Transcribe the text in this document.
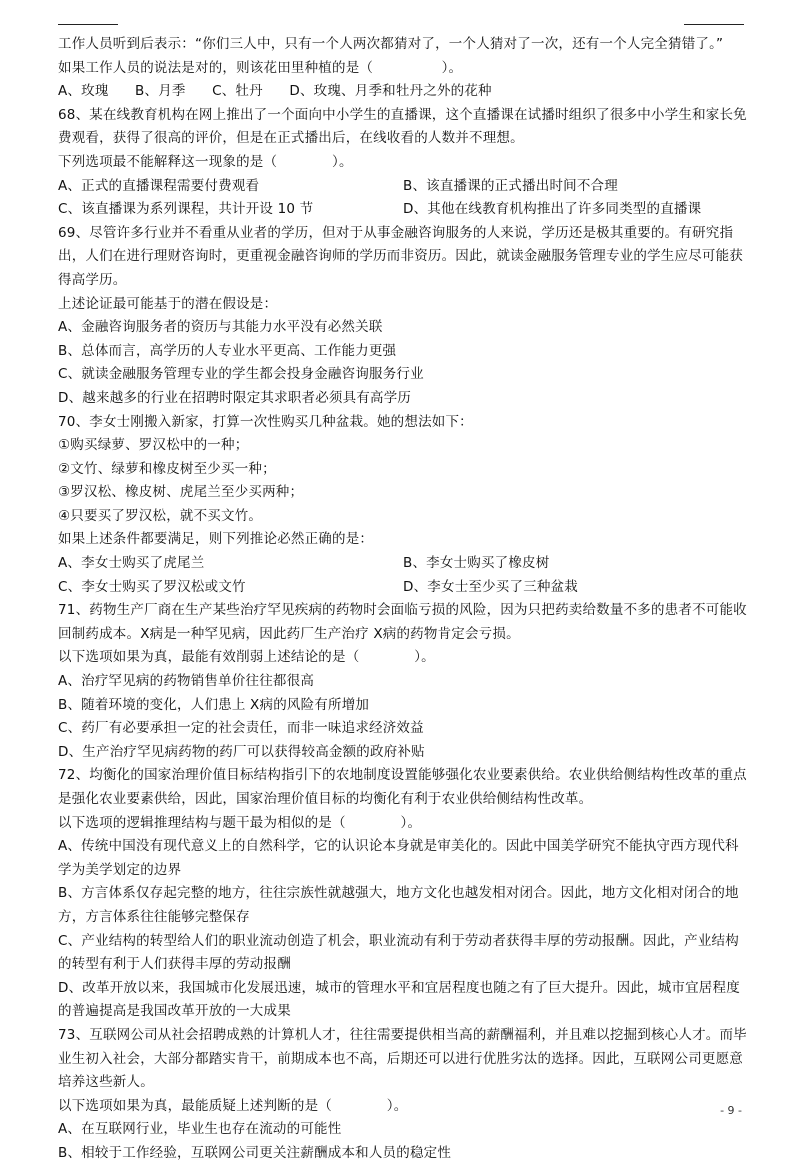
工作人员听到后表示：“你们三人中，只有一个人两次都猜对了，一个人猜对了一次，还有一个人完全猜错了。”
如果工作人员的说法是对的，则该花田里种植的是（　　　　　）。
A、玫瑰 B、月季 C、牡丹 D、玫瑰、月季和牡丹之外的花种
68、某在线教育机构在网上推出了一个面向中小学生的直播课，这个直播课在试播时组织了很多中小学生和家长免费观看，获得了很高的评价，但是在正式播出后，在线收看的人数并不理想。
下列选项最不能解释这一现象的是（　　　　）。
A、正式的直播课程需要付费观看	B、该直播课的正式播出时间不合理
C、该直播课为系列课程，共计开设 10 节	D、其他在线教育机构推出了许多同类型的直播课
69、尽管许多行业并不看重从业者的学历，但对于从事金融咨询服务的人来说，学历还是极其重要的。有研究指出，人们在进行理财咨询时，更重视金融咨询师的学历而非资历。因此，就读金融服务管理专业的学生应尽可能获得高学历。
上述论证最可能基于的潜在假设是：
A、金融咨询服务者的资历与其能力水平没有必然关联
B、总体而言，高学历的人专业水平更高、工作能力更强
C、就读金融服务管理专业的学生都会投身金融咨询服务行业
D、越来越多的行业在招聘时限定其求职者必须具有高学历
70、李女士刚搬入新家，打算一次性购买几种盆栽。她的想法如下：
①购买绿萝、罗汉松中的一种；
②文竹、绿萝和橡皮树至少买一种；
③罗汉松、橡皮树、虎尾兰至少买两种；
④只要买了罗汉松，就不买文竹。
如果上述条件都要满足，则下列推论必然正确的是：
A、李女士购买了虎尾兰	B、李女士购买了橡皮树
C、李女士购买了罗汉松或文竹	D、李女士至少买了三种盆栽
71、药物生产厂商在生产某些治疗罕见疾病的药物时会面临亏损的风险，因为只把药卖给数量不多的患者不可能收回制药成本。X病是一种罕见病，因此药厂生产治疗 X病的药物肯定会亏损。
以下选项如果为真，最能有效削弱上述结论的是（　　　　）。
A、治疗罕见病的药物销售单价往往都很高
B、随着环境的变化，人们患上 X病的风险有所增加
C、药厂有必要承担一定的社会责任，而非一味追求经济效益
D、生产治疗罕见病药物的药厂可以获得较高金额的政府补贴
72、均衡化的国家治理价值目标结构指引下的农地制度设置能够强化农业要素供给。农业供给侧结构性改革的重点是强化农业要素供给，因此，国家治理价值目标的均衡化有利于农业供给侧结构性改革。
以下选项的逻辑推理结构与题干最为相似的是（　　　　）。
A、传统中国没有现代意义上的自然科学，它的认识论本身就是审美化的。因此中国美学研究不能执守西方现代科学为美学划定的边界
B、方言体系仅存起完整的地方，往往宗族性就越强大，地方文化也越发相对闭合。因此，地方文化相对闭合的地方，方言体系往往能够完整保存
C、产业结构的转型给人们的职业流动创造了机会，职业流动有利于劳动者获得丰厚的劳动报酬。因此，产业结构的转型有利于人们获得丰厚的劳动报酬
D、改革开放以来，我国城市化发展迅速，城市的管理水平和宜居程度也随之有了巨大提升。因此，城市宜居程度的普遍提高是我国改革开放的一大成果
73、互联网公司从社会招聘成熟的计算机人才，往往需要提供相当高的薪酬福利，并且难以挖掘到核心人才。而毕业生初入社会，大部分都踏实肯干，前期成本也不高，后期还可以进行优胜劣汰的选择。因此，互联网公司更愿意培养这些新人。
以下选项如果为真，最能质疑上述判断的是（　　　　）。
A、在互联网行业，毕业生也存在流动的可能性
B、相较于工作经验，互联网公司更关注薪酬成本和人员的稳定性
- 9 -
